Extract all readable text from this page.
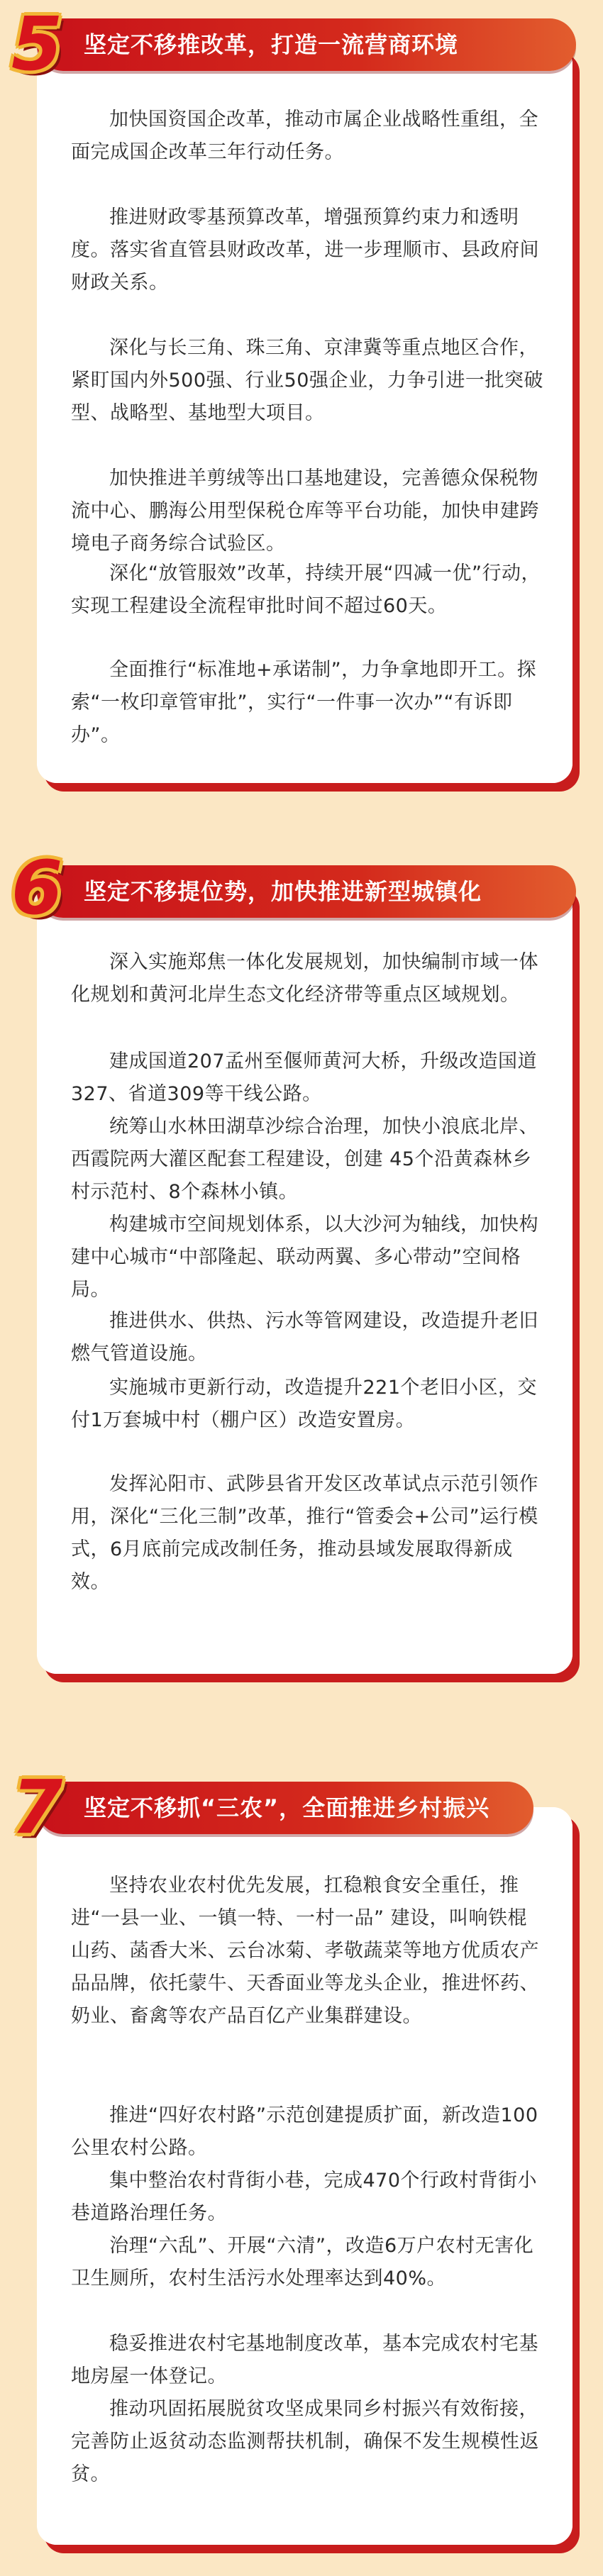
坚定不移推改革，打造一流营商环境
5

加快国资国企改革，推动市属企业战略性重组，全面完成国企改革三年行动任务。

推进财政零基预算改革，增强预算约束力和透明度。落实省直管县财政改革，进一步理顺市、县政府间财政关系。

深化与长三角、珠三角、京津冀等重点地区合作，紧盯国内外500强、行业50强企业，力争引进一批突破型、战略型、基地型大项目。

加快推进羊剪绒等出口基地建设，完善德众保税物流中心、鹏海公用型保税仓库等平台功能，加快申建跨境电子商务综合试验区。

深化“放管服效”改革，持续开展“四减一优”行动，实现工程建设全流程审批时间不超过60天。

全面推行“标准地+承诺制”，力争拿地即开工。探索“一枚印章管审批”，实行“一件事一次办”“有诉即办”。

坚定不移提位势，加快推进新型城镇化
6

深入实施郑焦一体化发展规划，加快编制市域一体化规划和黄河北岸生态文化经济带等重点区域规划。

建成国道207孟州至偃师黄河大桥，升级改造国道327、省道309等干线公路。

统筹山水林田湖草沙综合治理，加快小浪底北岸、西霞院两大灌区配套工程建设，创建 45个沿黄森林乡村示范村、8个森林小镇。

构建城市空间规划体系，以大沙河为轴线，加快构建中心城市“中部隆起、联动两翼、多心带动”空间格局。

推进供水、供热、污水等管网建设，改造提升老旧燃气管道设施。

实施城市更新行动，改造提升221个老旧小区，交付1万套城中村（棚户区）改造安置房。

发挥沁阳市、武陟县省开发区改革试点示范引领作用，深化“三化三制”改革，推行“管委会+公司”运行模式，6月底前完成改制任务，推动县域发展取得新成效。

坚定不移抓“三农”，全面推进乡村振兴
7

坚持农业农村优先发展，扛稳粮食安全重任，推进“一县一业、一镇一特、一村一品” 建设，叫响铁棍山药、菡香大米、云台冰菊、孝敬蔬菜等地方优质农产品品牌，依托蒙牛、天香面业等龙头企业，推进怀药、奶业、畜禽等农产品百亿产业集群建设。

推进“四好农村路”示范创建提质扩面，新改造100公里农村公路。

集中整治农村背街小巷，完成470个行政村背街小巷道路治理任务。

治理“六乱”、开展“六清”，改造6万户农村无害化卫生厕所，农村生活污水处理率达到40%。

稳妥推进农村宅基地制度改革，基本完成农村宅基地房屋一体登记。

推动巩固拓展脱贫攻坚成果同乡村振兴有效衔接，完善防止返贫动态监测帮扶机制，确保不发生规模性返贫。
